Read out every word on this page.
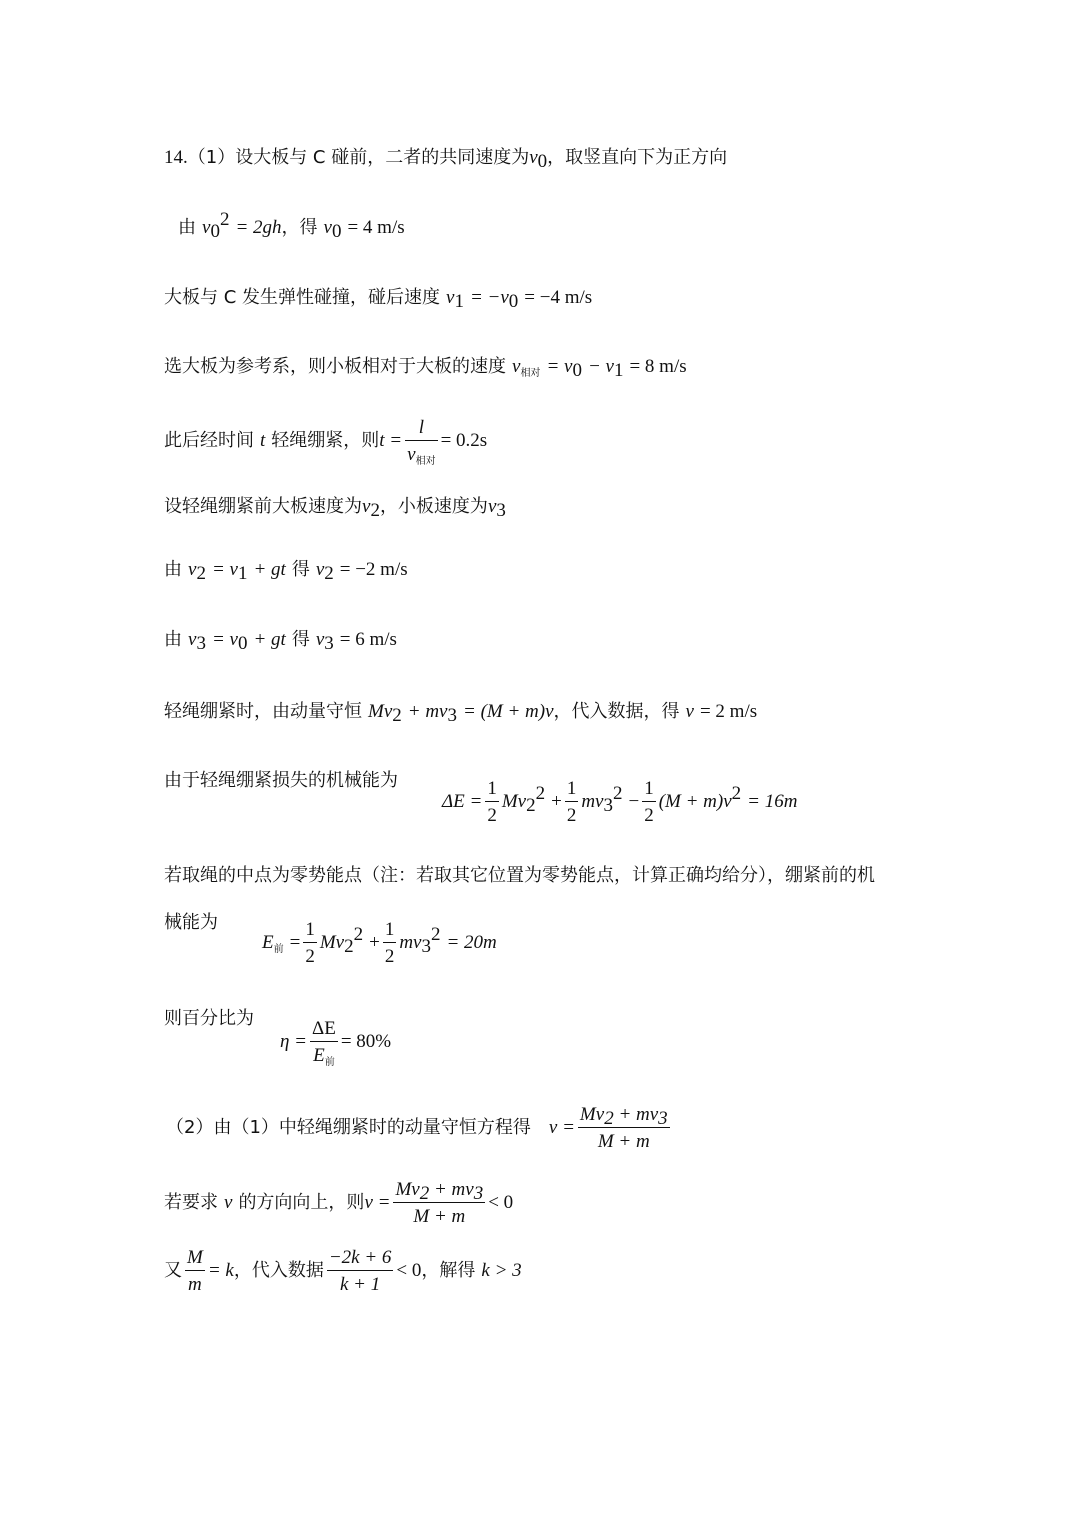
14.（1）设大板与 C 碰前，二者的共同速度为$v_0$，取竖直向下为正方向
由 $v_0^2 = 2gh$，得 $v_0 = 4$ m/s
大板与 C 发生弹性碰撞，碰后速度 $v_1 = -v_0 = -4$ m/s
选大板为参考系，则小板相对于大板的速度 $v_{相对} = v_0 - v_1 = 8$ m/s
此后经时间 t 轻绳绷紧，则$t = \frac{l}{v_{相对}} = 0.2s$
设轻绳绷紧前大板速度为$v_2$，小板速度为$v_3$
由 $v_2 = v_1$ + gt 得 $v_2 = -2$ m/s
由 $v_3 = v_0$ + gt 得 $v_3 = 6$ m/s
轻绳绷紧时，由动量守恒 $Mv_2 + mv_3 = (M + m)v$，代入数据，得 v = 2 m/s
由于轻绳绷紧损失的机械能为
$\Delta E = \frac{1}{2} Mv_2^2 + \frac{1}{2} mv_3^2 - \frac{1}{2} (M + m)v^2 = 16m$
若取绳的中点为零势能点（注：若取其它位置为零势能点，计算正确均给分），绷紧前的机
械能为
$E_前 = \frac{1}{2} Mv_2^2 + \frac{1}{2} mv_3^2 = 20m$
则百分比为
$\eta = \frac{\Delta E}{E_前} = 80\%$
（2）由（1）中轻绳绷紧时的动量守恒方程得 $v = \frac{Mv_2 + mv_3}{M + m}$
若要求 v 的方向向上，则$v = \frac{Mv_2 + mv_3}{M + m} < 0$
又 $\frac{M}{m} = k$，代入数据 $\frac{-2k + 6}{k + 1} < 0$，解得 k > 3
